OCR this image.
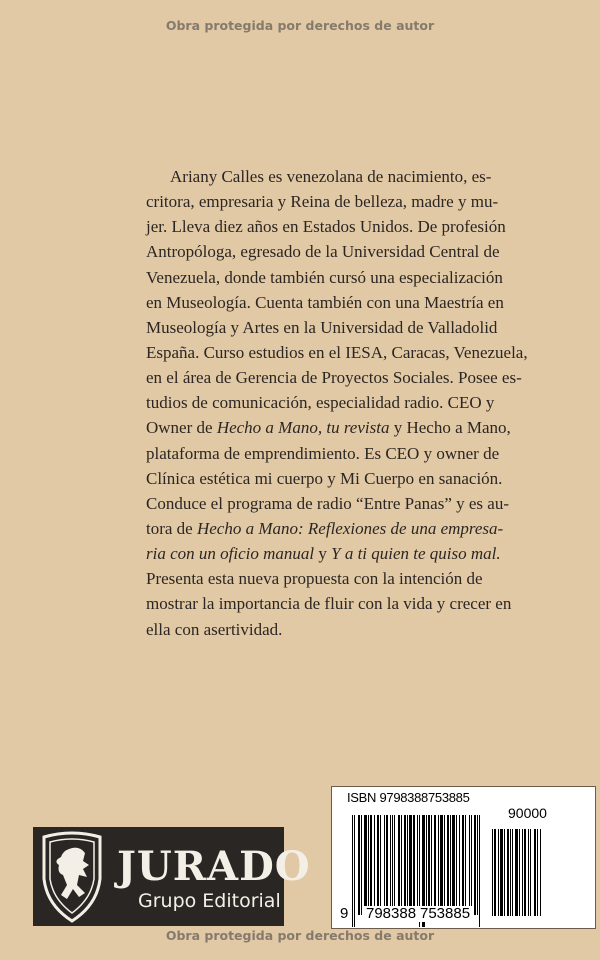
Obra protegida por derechos de autor
Ariany Calles es venezolana de nacimiento, es-
critora, empresaria y Reina de belleza, madre y mu-
jer. Lleva diez años en Estados Unidos. De profesión
Antropóloga, egresado de la Universidad Central de
Venezuela, donde también cursó una especialización
en Museología. Cuenta también con una Maestría en
Museología y Artes en la Universidad de Valladolid
España. Curso estudios en el IESA, Caracas, Venezuela,
en el área de Gerencia de Proyectos Sociales. Posee es-
tudios de comunicación, especialidad radio. CEO y
Owner de Hecho a Mano, tu revista y Hecho a Mano,
plataforma de emprendimiento. Es CEO y owner de
Clínica estética mi cuerpo y Mi Cuerpo en sanación.
Conduce el programa de radio “Entre Panas” y es au-
tora de Hecho a Mano: Reflexiones de una empresa-
ria con un oficio manual y Y a ti quien te quiso mal.
Presenta esta nueva propuesta con la intención de
mostrar la importancia de fluir con la vida y crecer en
ella con asertividad.
JURADO
Grupo Editorial
ISBN 9798388753885
90000
9 798388 753885
Obra protegida por derechos de autor
